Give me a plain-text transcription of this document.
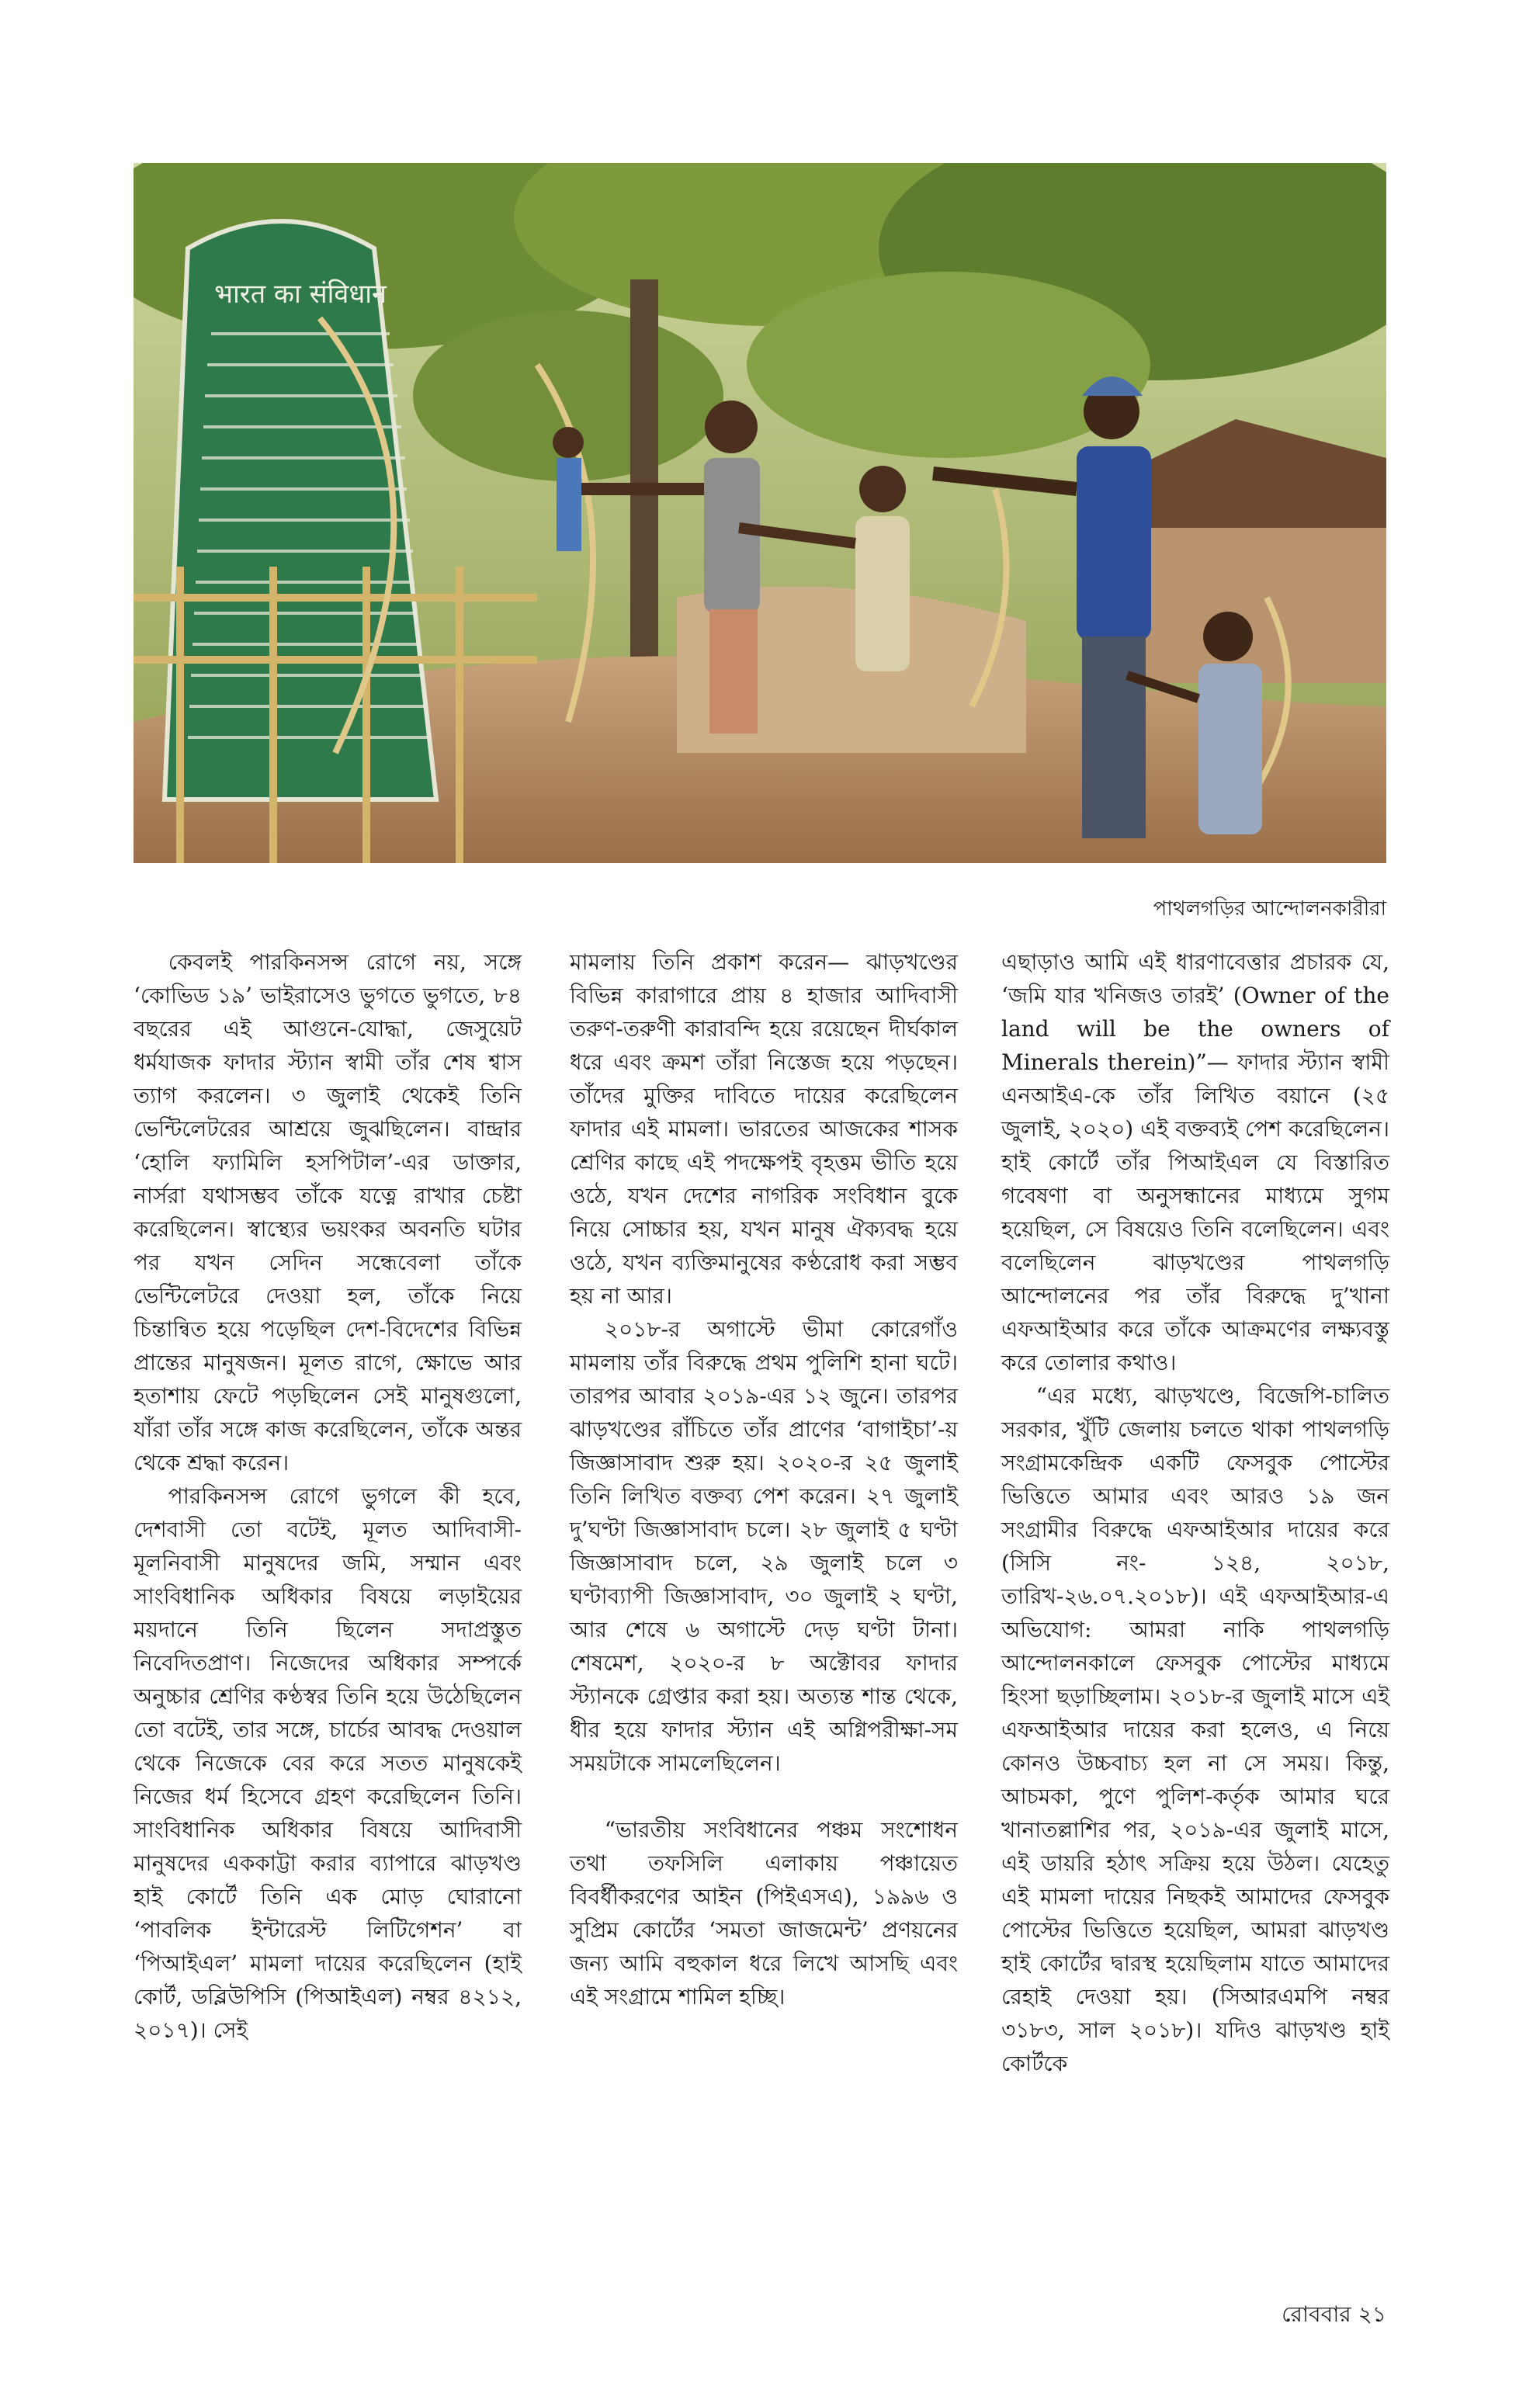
भारत का संविधान
পাথলগড়ির আন্দোলনকারীরা

কেবলই পারকিনসন্স রোগে নয়, সঙ্গে ‘কোভিড ১৯’ ভাইরাসেও ভুগতে ভুগতে, ৮৪ বছরের এই আগুনে-যোদ্ধা, জেসুয়েট ধর্মযাজক ফাদার স্ট্যান স্বামী তাঁর শেষ শ্বাস ত্যাগ করলেন। ৩ জুলাই থেকেই তিনি ভেন্টিলেটরের আশ্রয়ে জুঝছিলেন। বান্দ্রার ‘হোলি ফ্যামিলি হসপিটাল’-এর ডাক্তার, নার্সরা যথাসম্ভব তাঁকে যত্নে রাখার চেষ্টা করেছিলেন। স্বাস্থ্যের ভয়ংকর অবনতি ঘটার পর যখন সেদিন সন্ধেবেলা তাঁকে ভেন্টিলেটরে দেওয়া হল, তাঁকে নিয়ে চিন্তান্বিত হয়ে পড়েছিল দেশ-বিদেশের বিভিন্ন প্রান্তের মানুষজন। মূলত রাগে, ক্ষোভে আর হতাশায় ফেটে পড়ছিলেন সেই মানুষগুলো, যাঁরা তাঁর সঙ্গে কাজ করেছিলেন, তাঁকে অন্তর থেকে শ্রদ্ধা করেন।

পারকিনসন্স রোগে ভুগলে কী হবে, দেশবাসী তো বটেই, মূলত আদিবাসী-মূলনিবাসী মানুষদের জমি, সম্মান এবং সাংবিধানিক অধিকার বিষয়ে লড়াইয়ের ময়দানে তিনি ছিলেন সদাপ্রস্তুত নিবেদিতপ্রাণ। নিজেদের অধিকার সম্পর্কে অনুচ্চার শ্রেণির কণ্ঠস্বর তিনি হয়ে উঠেছিলেন তো বটেই, তার সঙ্গে, চার্চের আবদ্ধ দেওয়াল থেকে নিজেকে বের করে সতত মানুষকেই নিজের ধর্ম হিসেবে গ্রহণ করেছিলেন তিনি। সাংবিধানিক অধিকার বিষয়ে আদিবাসী মানুষদের এককাট্টা করার ব্যাপারে ঝাড়খণ্ড হাই কোর্টে তিনি এক মোড় ঘোরানো ‘পাবলিক ইন্টারেস্ট লিটিগেশন’ বা ‘পিআইএল’ মামলা দায়ের করেছিলেন (হাই কোর্ট, ডব্লিউপিসি (পিআইএল) নম্বর ৪২১২, ২০১৭)। সেই

মামলায় তিনি প্রকাশ করেন— ঝাড়খণ্ডের বিভিন্ন কারাগারে প্রায় ৪ হাজার আদিবাসী তরুণ-তরুণী কারাবন্দি হয়ে রয়েছেন দীর্ঘকাল ধরে এবং ক্রমশ তাঁরা নিস্তেজ হয়ে পড়ছেন। তাঁদের মুক্তির দাবিতে দায়ের করেছিলেন ফাদার এই মামলা। ভারতের আজকের শাসক শ্রেণির কাছে এই পদক্ষেপই বৃহত্তম ভীতি হয়ে ওঠে, যখন দেশের নাগরিক সংবিধান বুকে নিয়ে সোচ্চার হয়, যখন মানুষ ঐক্যবদ্ধ হয়ে ওঠে, যখন ব্যক্তিমানুষের কণ্ঠরোধ করা সম্ভব হয় না আর।

২০১৮-র অগাস্টে ভীমা কোরেগাঁও মামলায় তাঁর বিরুদ্ধে প্রথম পুলিশি হানা ঘটে। তারপর আবার ২০১৯-এর ১২ জুনে। তারপর ঝাড়খণ্ডের রাঁচিতে তাঁর প্রাণের ‘বাগাইচা’-য় জিজ্ঞাসাবাদ শুরু হয়। ২০২০-র ২৫ জুলাই তিনি লিখিত বক্তব্য পেশ করেন। ২৭ জুলাই দু’ঘণ্টা জিজ্ঞাসাবাদ চলে। ২৮ জুলাই ৫ ঘণ্টা জিজ্ঞাসাবাদ চলে, ২৯ জুলাই চলে ৩ ঘণ্টাব্যাপী জিজ্ঞাসাবাদ, ৩০ জুলাই ২ ঘণ্টা, আর শেষে ৬ অগাস্টে দেড় ঘণ্টা টানা। শেষমেশ, ২০২০-র ৮ অক্টোবর ফাদার স্ট্যানকে গ্রেপ্তার করা হয়। অত্যন্ত শান্ত থেকে, ধীর হয়ে ফাদার স্ট্যান এই অগ্নিপরীক্ষা-সম সময়টাকে সামলেছিলেন।

“ভারতীয় সংবিধানের পঞ্চম সংশোধন তথা তফসিলি এলাকায় পঞ্চায়েত বিবর্ধীকরণের আইন (পিইএসএ), ১৯৯৬ ও সুপ্রিম কোর্টের ‘সমতা জাজমেন্ট’ প্রণয়নের জন্য আমি বহুকাল ধরে লিখে আসছি এবং এই সংগ্রামে শামিল হচ্ছি।

এছাড়াও আমি এই ধারণাবেত্তার প্রচারক যে, ‘জমি যার খনিজও তারই’ (Owner of the land will be the owners of Minerals therein)”— ফাদার স্ট্যান স্বামী এনআইএ-কে তাঁর লিখিত বয়ানে (২৫ জুলাই, ২০২০) এই বক্তব্যই পেশ করেছিলেন। হাই কোর্টে তাঁর পিআইএল যে বিস্তারিত গবেষণা বা অনুসন্ধানের মাধ্যমে সুগম হয়েছিল, সে বিষয়েও তিনি বলেছিলেন। এবং বলেছিলেন ঝাড়খণ্ডের পাথলগড়ি আন্দোলনের পর তাঁর বিরুদ্ধে দু’খানা এফআইআর করে তাঁকে আক্রমণের লক্ষ্যবস্তু করে তোলার কথাও।

“এর মধ্যে, ঝাড়খণ্ডে, বিজেপি-চালিত সরকার, খুঁটি জেলায় চলতে থাকা পাথলগড়ি সংগ্রামকেন্দ্রিক একটি ফেসবুক পোস্টের ভিত্তিতে আমার এবং আরও ১৯ জন সংগ্রামীর বিরুদ্ধে এফআইআর দায়ের করে (সিসি নং- ১২৪, ২০১৮, তারিখ-২৬.০৭.২০১৮)। এই এফআইআর-এ অভিযোগ: আমরা নাকি পাথলগড়ি আন্দোলনকালে ফেসবুক পোস্টের মাধ্যমে হিংসা ছড়াচ্ছিলাম। ২০১৮-র জুলাই মাসে এই এফআইআর দায়ের করা হলেও, এ নিয়ে কোনও উচ্চবাচ্য হল না সে সময়। কিন্তু, আচমকা, পুণে পুলিশ-কর্তৃক আমার ঘরে খানাতল্লাশির পর, ২০১৯-এর জুলাই মাসে, এই ডায়রি হঠাৎ সক্রিয় হয়ে উঠল। যেহেতু এই মামলা দায়ের নিছকই আমাদের ফেসবুক পোস্টের ভিত্তিতে হয়েছিল, আমরা ঝাড়খণ্ড হাই কোর্টের দ্বারস্থ হয়েছিলাম যাতে আমাদের রেহাই দেওয়া হয়। (সিআরএমপি নম্বর ৩১৮৩, সাল ২০১৮)। যদিও ঝাড়খণ্ড হাই কোর্টকে

রোববার ২১
